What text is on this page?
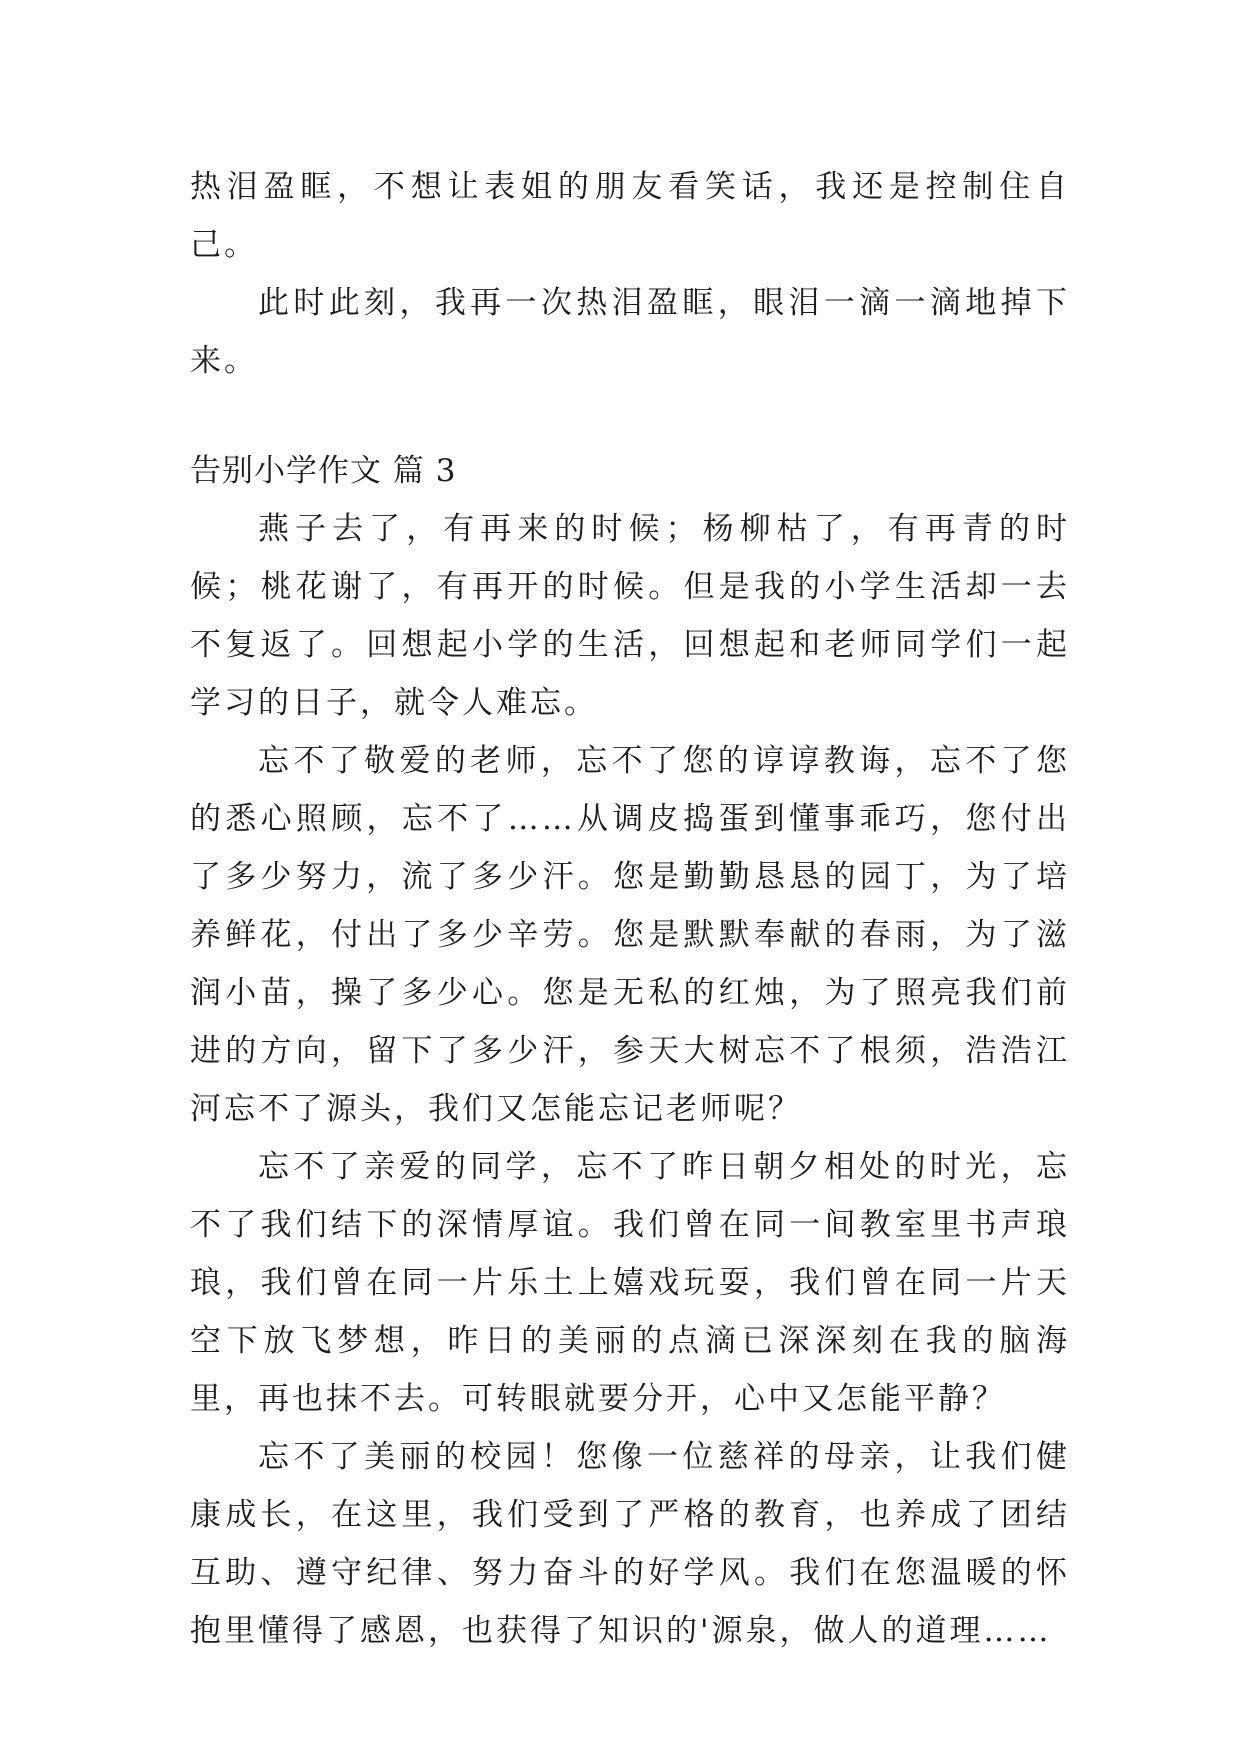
热泪盈眶，不想让表姐的朋友看笑话，我还是控制住自己。

此时此刻，我再一次热泪盈眶，眼泪一滴一滴地掉下来。

告别小学作文 篇 3

燕子去了，有再来的时候；杨柳枯了，有再青的时候；桃花谢了，有再开的时候。但是我的小学生活却一去不复返了。回想起小学的生活，回想起和老师同学们一起学习的日子，就令人难忘。

忘不了敬爱的老师，忘不了您的谆谆教诲，忘不了您的悉心照顾，忘不了……从调皮捣蛋到懂事乖巧，您付出了多少努力，流了多少汗。您是勤勤恳恳的园丁，为了培养鲜花，付出了多少辛劳。您是默默奉献的春雨，为了滋润小苗，操了多少心。您是无私的红烛，为了照亮我们前进的方向，留下了多少汗，参天大树忘不了根须，浩浩江河忘不了源头，我们又怎能忘记老师呢？

忘不了亲爱的同学，忘不了昨日朝夕相处的时光，忘不了我们结下的深情厚谊。我们曾在同一间教室里书声琅琅，我们曾在同一片乐土上嬉戏玩耍，我们曾在同一片天空下放飞梦想，昨日的美丽的点滴已深深刻在我的脑海里，再也抹不去。可转眼就要分开，心中又怎能平静？

忘不了美丽的校园！您像一位慈祥的母亲，让我们健康成长，在这里，我们受到了严格的教育，也养成了团结互助、遵守纪律、努力奋斗的好学风。我们在您温暖的怀抱里懂得了感恩，也获得了知识的'源泉，做人的道理……
